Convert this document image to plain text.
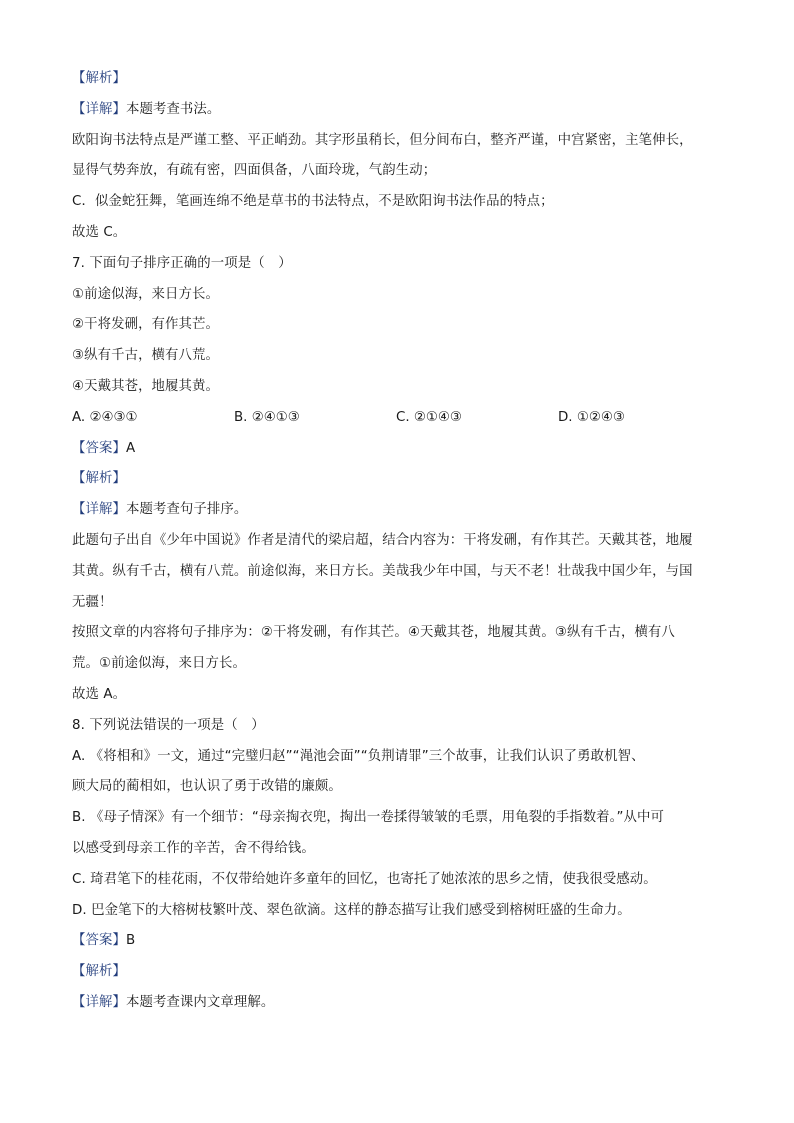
【解析】
【详解】本题考查书法。
欧阳询书法特点是严谨工整、平正峭劲。其字形虽稍长，但分间布白，整齐严谨，中宫紧密，主笔伸长，
显得气势奔放，有疏有密，四面俱备，八面玲珑，气韵生动；
C．似金蛇狂舞，笔画连绵不绝是草书的书法特点，不是欧阳询书法作品的特点；
故选 C。
7. 下面句子排序正确的一项是（　）
①前途似海，来日方长。
②干将发硎，有作其芒。
③纵有千古，横有八荒。
④天戴其苍，地履其黄。
A. ②④③①	B. ②④①③	C. ②①④③	D. ①②④③
【答案】A
【解析】
【详解】本题考查句子排序。
此题句子出自《少年中国说》作者是清代的梁启超，结合内容为：干将发硎，有作其芒。天戴其苍，地履
其黄。纵有千古，横有八荒。前途似海，来日方长。美哉我少年中国，与天不老！壮哉我中国少年，与国
无疆！
按照文章的内容将句子排序为：②干将发硎，有作其芒。④天戴其苍，地履其黄。③纵有千古，横有八
荒。①前途似海，来日方长。
故选 A。
8. 下列说法错误的一项是（　）
A. 《将相和》一文，通过“完璧归赵”“渑池会面”“负荆请罪”三个故事，让我们认识了勇敢机智、
顾大局的蔺相如，也认识了勇于改错的廉颇。
B. 《母子情深》有一个细节：“母亲掏衣兜，掏出一卷揉得皱皱的毛票，用龟裂的手指数着。”从中可
以感受到母亲工作的辛苦，舍不得给钱。
C. 琦君笔下的桂花雨，不仅带给她许多童年的回忆，也寄托了她浓浓的思乡之情，使我很受感动。
D. 巴金笔下的大榕树枝繁叶茂、翠色欲滴。这样的静态描写让我们感受到榕树旺盛的生命力。
【答案】B
【解析】
【详解】本题考查课内文章理解。
